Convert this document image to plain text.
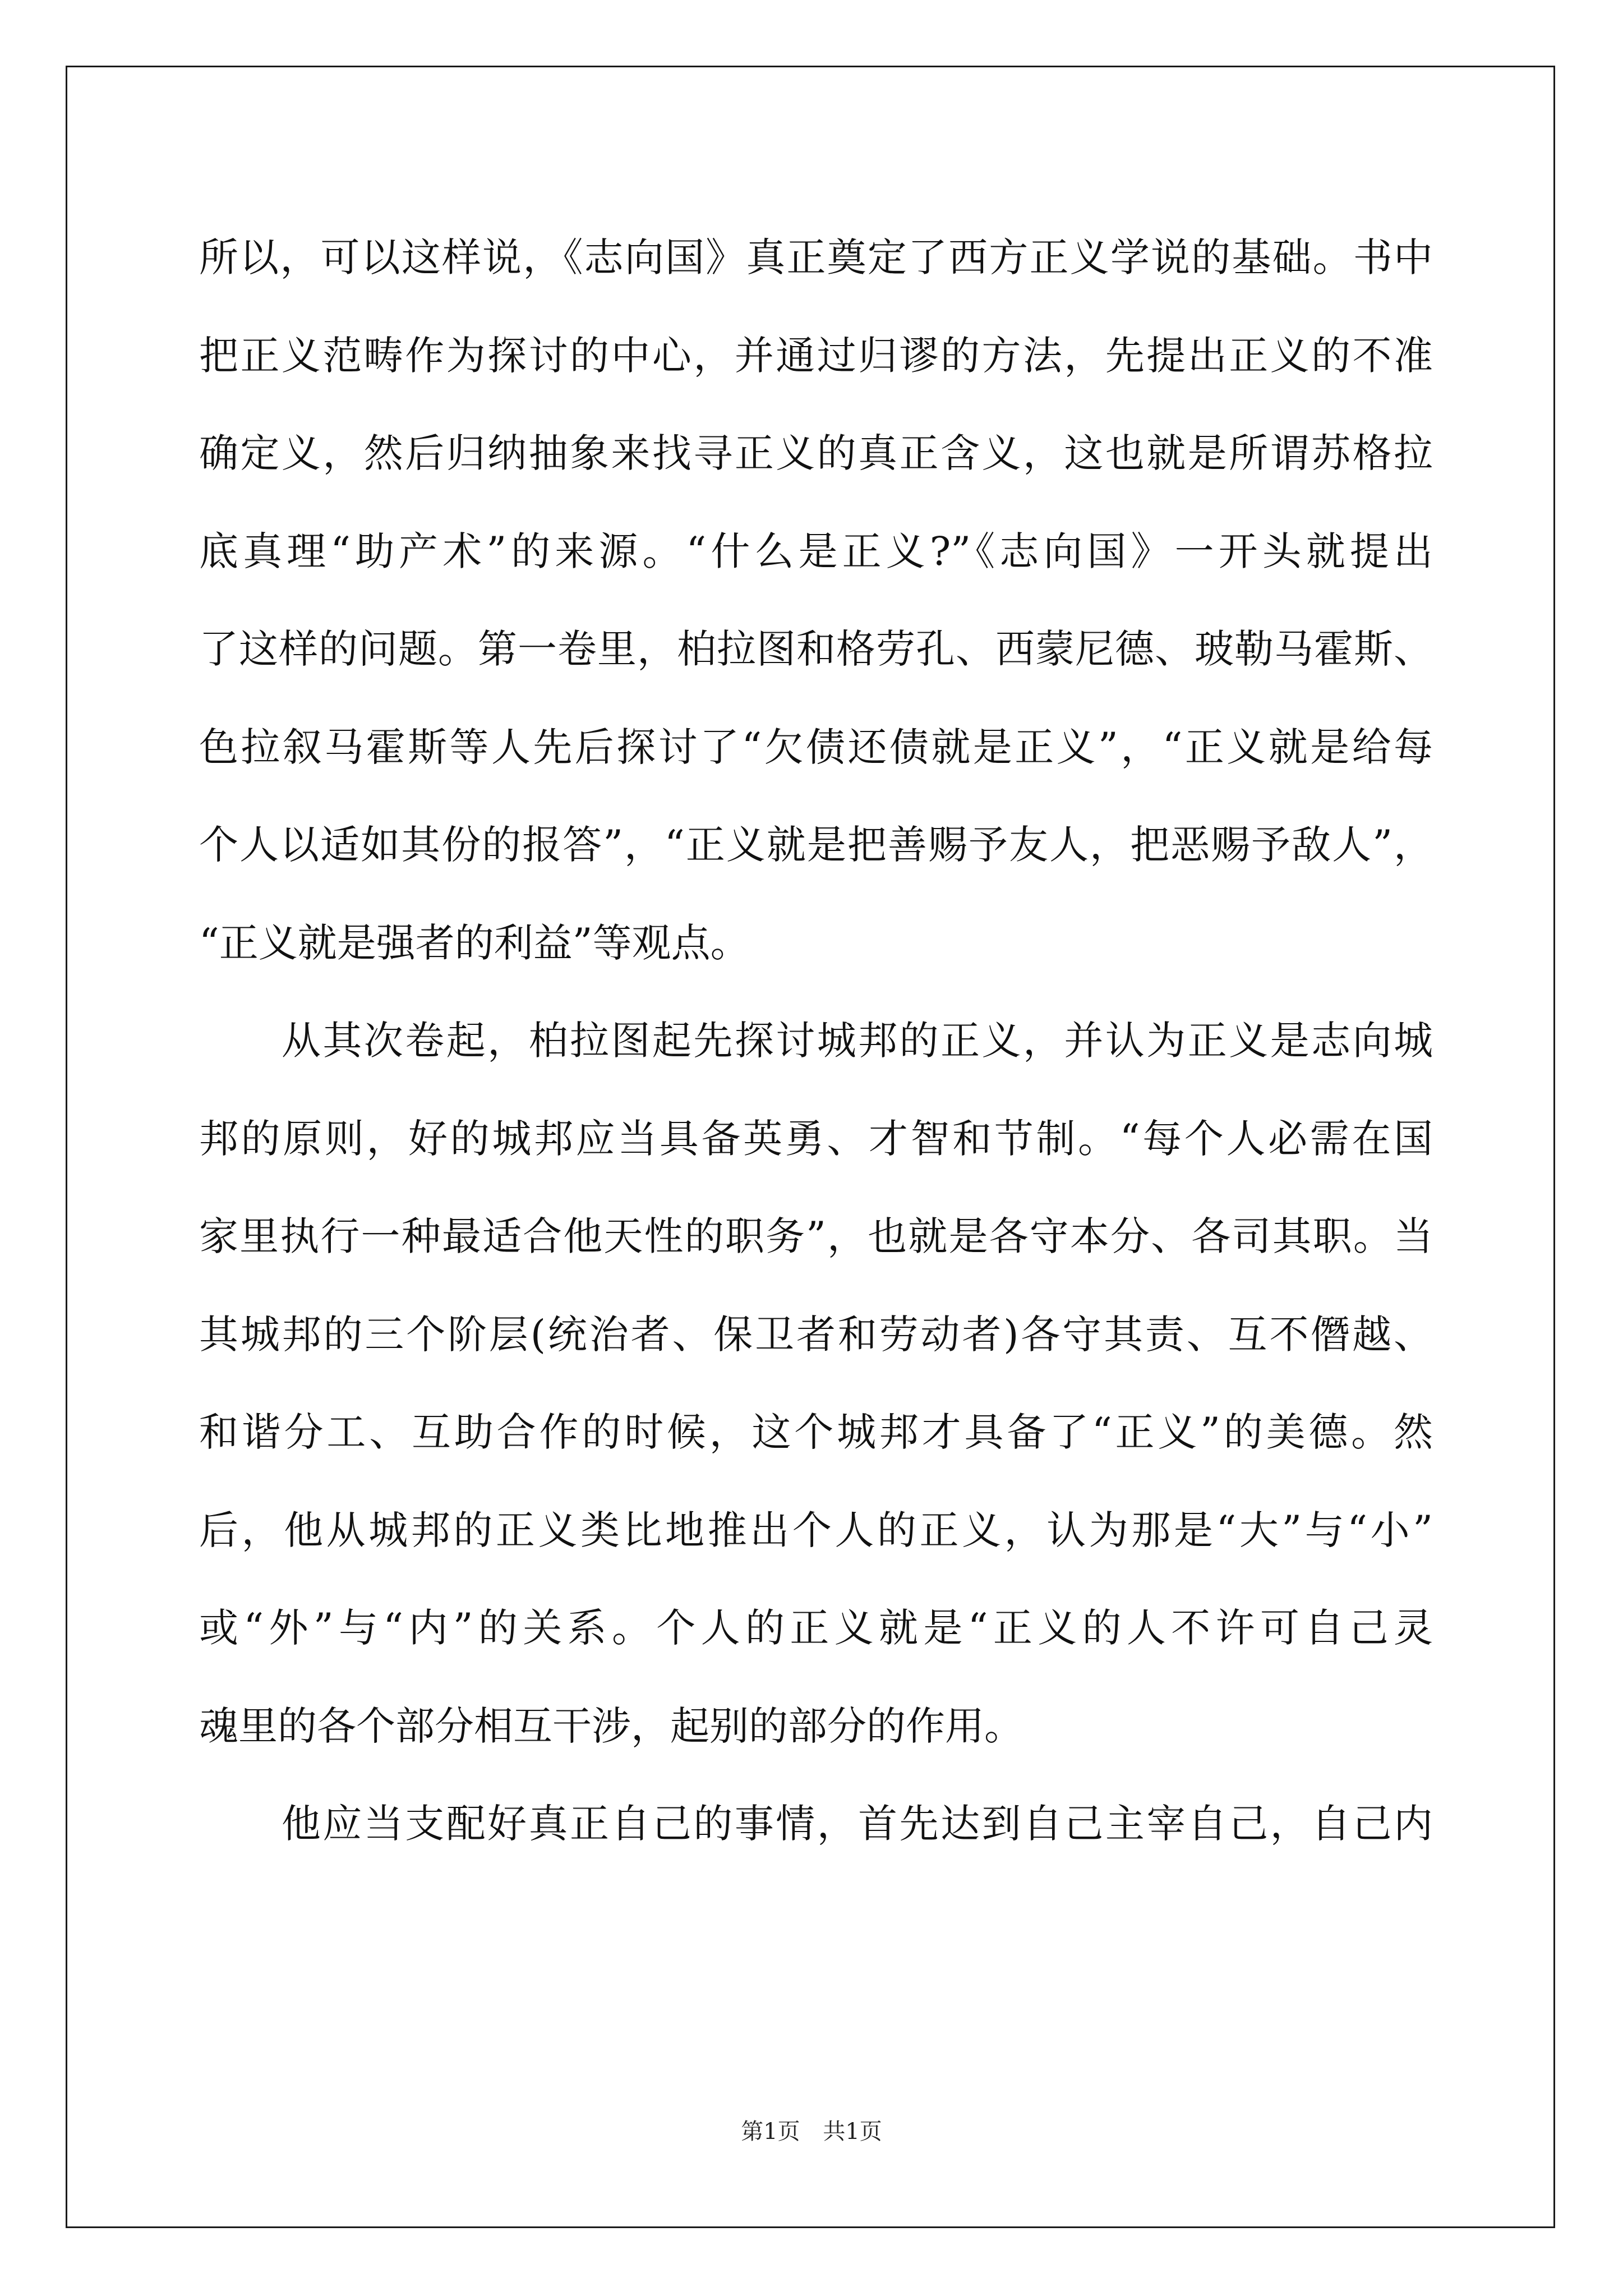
所以，可以这样说，《志向国》真正奠定了西方正义学说的基础。书中
把正义范畴作为探讨的中心，并通过归谬的方法，先提出正义的不准
确定义，然后归纳抽象来找寻正义的真正含义，这也就是所谓苏格拉
底真理“助产术”的来源。“什么是正义?”《志向国》一开头就提出
了这样的问题。第一卷里，柏拉图和格劳孔、西蒙尼德、玻勒马霍斯、
色拉叙马霍斯等人先后探讨了“欠债还债就是正义”，“正义就是给每
个人以适如其份的报答”，“正义就是把善赐予友人，把恶赐予敌人”，
“正义就是强者的利益”等观点。
　　从其次卷起，柏拉图起先探讨城邦的正义，并认为正义是志向城
邦的原则，好的城邦应当具备英勇、才智和节制。“每个人必需在国
家里执行一种最适合他天性的职务”，也就是各守本分、各司其职。当
其城邦的三个阶层(统治者、保卫者和劳动者)各守其责、互不僭越、
和谐分工、互助合作的时候，这个城邦才具备了“正义”的美德。然
后，他从城邦的正义类比地推出个人的正义，认为那是“大”与“小”
或“外”与“内”的关系。个人的正义就是“正义的人不许可自己灵
魂里的各个部分相互干涉，起别的部分的作用。
　　他应当支配好真正自己的事情，首先达到自己主宰自己，自己内
第1页 共1页
